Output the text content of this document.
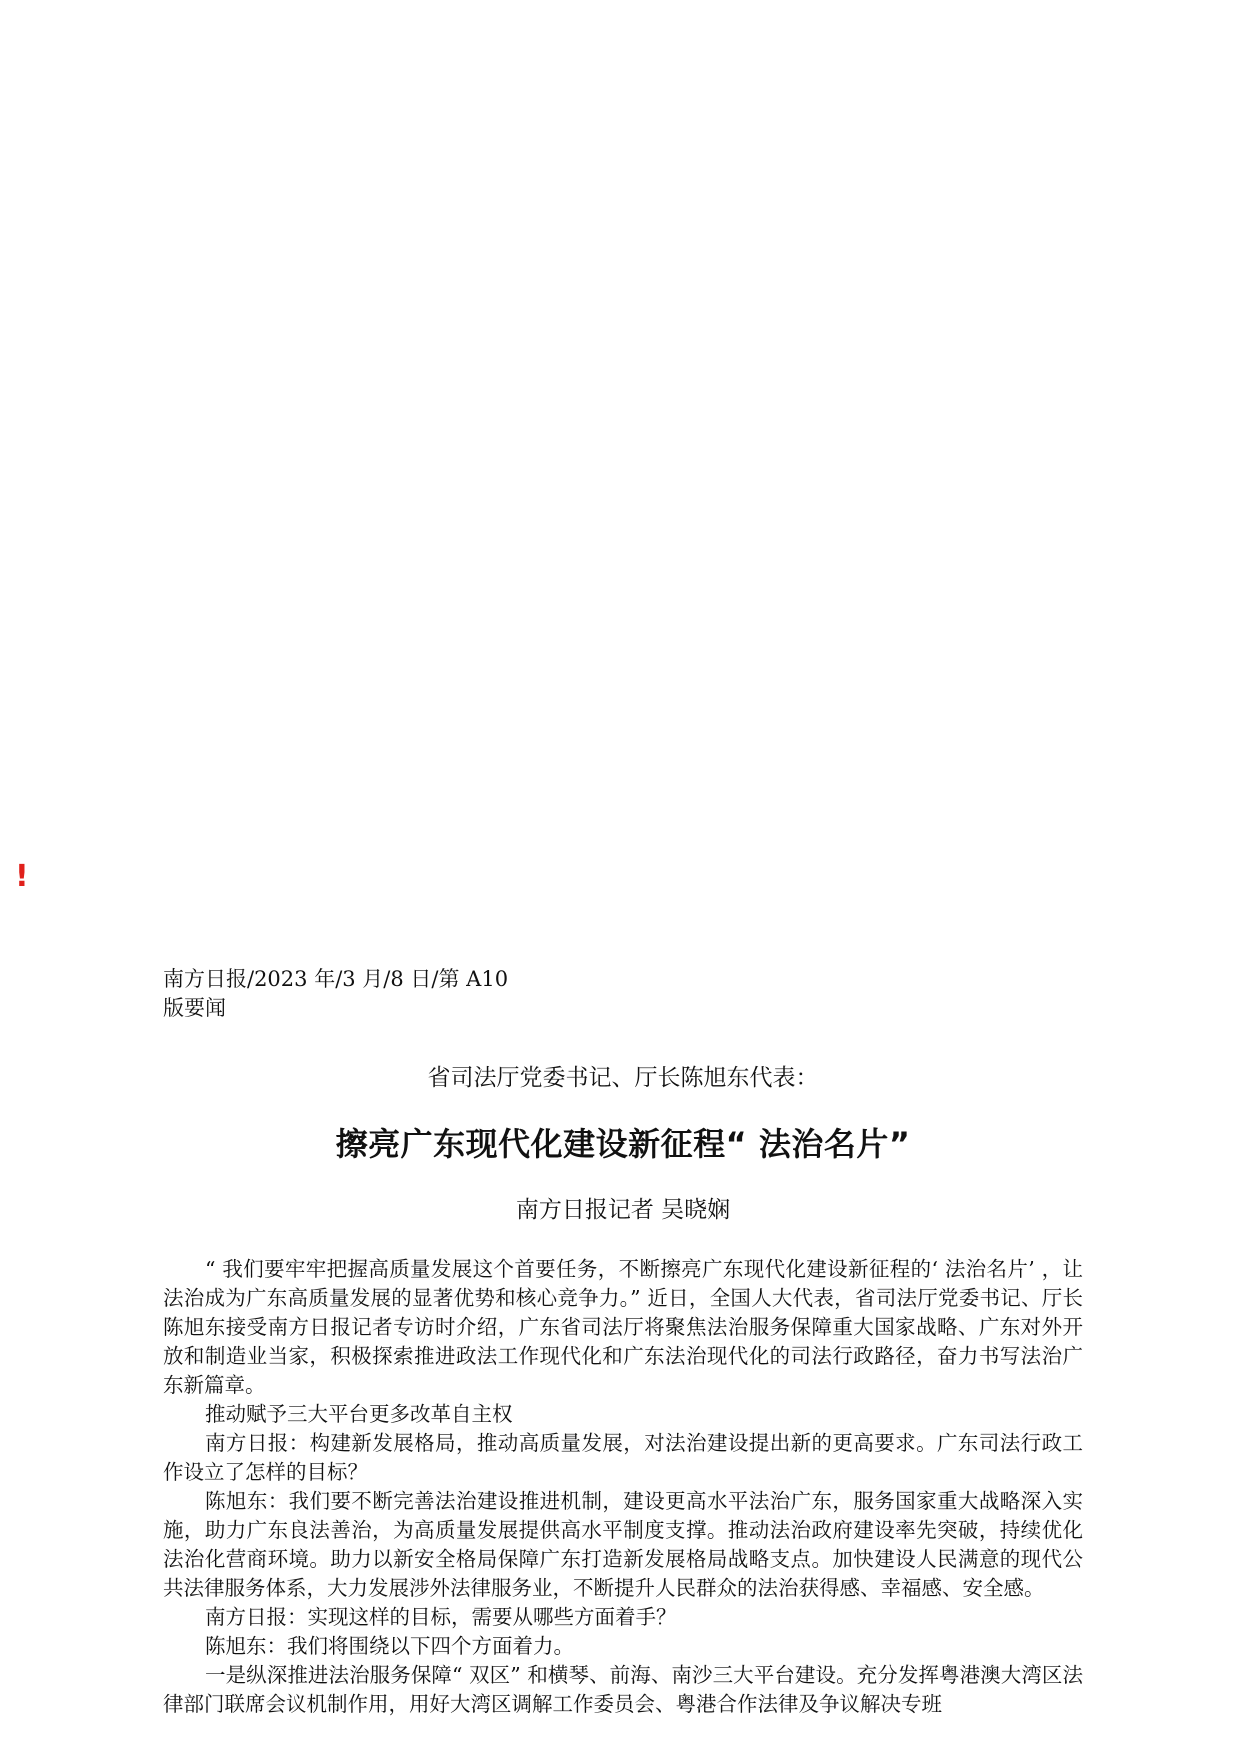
!

南方日报/2023 年/3 月/8 日/第 A10

版要闻

省司法厅党委书记、厅长陈旭东代表：
擦亮广东现代化建设新征程“ 法治名片”
南方日报记者 吴晓娴

“ 我们要牢牢把握高质量发展这个首要任务，不断擦亮广东现代化建设新征程的‘ 法治名片’ ，让法治成为广东高质量发展的显著优势和核心竞争力。” 近日，全国人大代表，省司法厅党委书记、厅长陈旭东接受南方日报记者专访时介绍，广东省司法厅将聚焦法治服务保障重大国家战略、广东对外开放和制造业当家，积极探索推进政法工作现代化和广东法治现代化的司法行政路径，奋力书写法治广东新篇章。

推动赋予三大平台更多改革自主权

南方日报：构建新发展格局，推动高质量发展，对法治建设提出新的更高要求。广东司法行政工作设立了怎样的目标？

陈旭东：我们要不断完善法治建设推进机制，建设更高水平法治广东，服务国家重大战略深入实施，助力广东良法善治，为高质量发展提供高水平制度支撑。推动法治政府建设率先突破，持续优化法治化营商环境。助力以新安全格局保障广东打造新发展格局战略支点。加快建设人民满意的现代公共法律服务体系，大力发展涉外法律服务业，不断提升人民群众的法治获得感、幸福感、安全感。

南方日报：实现这样的目标，需要从哪些方面着手？

陈旭东：我们将围绕以下四个方面着力。

一是纵深推进法治服务保障“ 双区” 和横琴、前海、南沙三大平台建设。充分发挥粤港澳大湾区法律部门联席会议机制作用，用好大湾区调解工作委员会、粤港合作法律及争议解决专班
